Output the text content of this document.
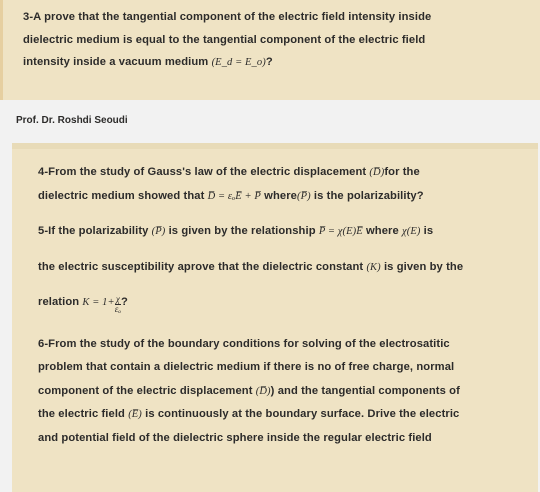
3-A prove that the tangential component of the electric field intensity inside

dielectric medium is equal to the tangential component of the electric field

intensity inside a vacuum medium (E_d = E_o)?

Prof. Dr. Roshdi Seoudi

4-From the study of Gauss's law of the electric displacement (D̅)for the

dielectric medium showed that D̅ = εₒE̅ + P̅ where(P̅) is the polarizability?

5-If the polarizability (P̅) is given by the relationship P̅ = χ(E)E̅ where χ(E) is

the electric susceptibility aprove that the dielectric constant (K) is given by the

relation $K = 1+ \frac{\chi}{\text{εₒ}}$ ?

6-From the study of the boundary conditions for solving of the electrosatitic

problem that contain a dielectric medium if there is no of free charge, normal

component of the electric displacement (D̅)) and the tangential components of

the electric field (E̅) is continuously at the boundary surface. Drive the electric

and potential field of the dielectric sphere inside the regular electric field
